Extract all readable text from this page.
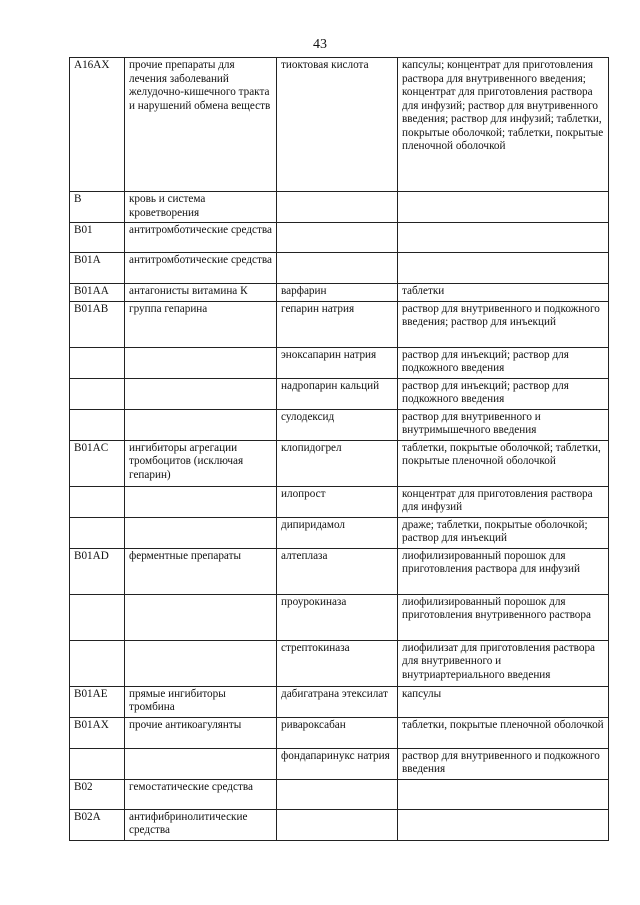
43
A16AX	прочие препараты для лечения заболеваний желудочно-кишечного тракта и нарушений обмена веществ	тиоктовая кислота	капсулы; концентрат для приготовления раствора для внутривенного введения; концентрат для приготовления раствора для инфузий; раствор для внутривенного введения; раствор для инфузий; таблетки, покрытые оболочкой; таблетки, покрытые пленочной оболочкой
B	кровь и система кроветворения		
B01	антитромботические средства		
B01A	антитромботические средства		
B01AA	антагонисты витамина К	варфарин	таблетки
B01AB	группа гепарина	гепарин натрия	раствор для внутривенного и подкожного введения; раствор для инъекций
		эноксапарин натрия	раствор для инъекций; раствор для подкожного введения
		надропарин кальций	раствор для инъекций; раствор для подкожного введения
		сулодексид	раствор для внутривенного и внутримышечного введения
B01AC	ингибиторы агрегации тромбоцитов (исключая гепарин)	клопидогрел	таблетки, покрытые оболочкой; таблетки, покрытые пленочной оболочкой
		илопрост	концентрат для приготовления раствора для инфузий
		дипиридамол	драже; таблетки, покрытые оболочкой; раствор для инъекций
B01AD	ферментные препараты	алтеплаза	лиофилизированный порошок для приготовления раствора для инфузий
		проурокиназа	лиофилизированный порошок для приготовления внутривенного раствора
		стрептокиназа	лиофилизат для приготовления раствора для внутривенного и внутриартериального введения
B01AE	прямые ингибиторы тромбина	дабигатрана этексилат	капсулы
B01AX	прочие антикоагулянты	ривароксабан	таблетки, покрытые пленочной оболочкой
		фондапаринукс натрия	раствор для внутривенного и подкожного введения
B02	гемостатические средства		
B02A	антифибринолитические средства		
